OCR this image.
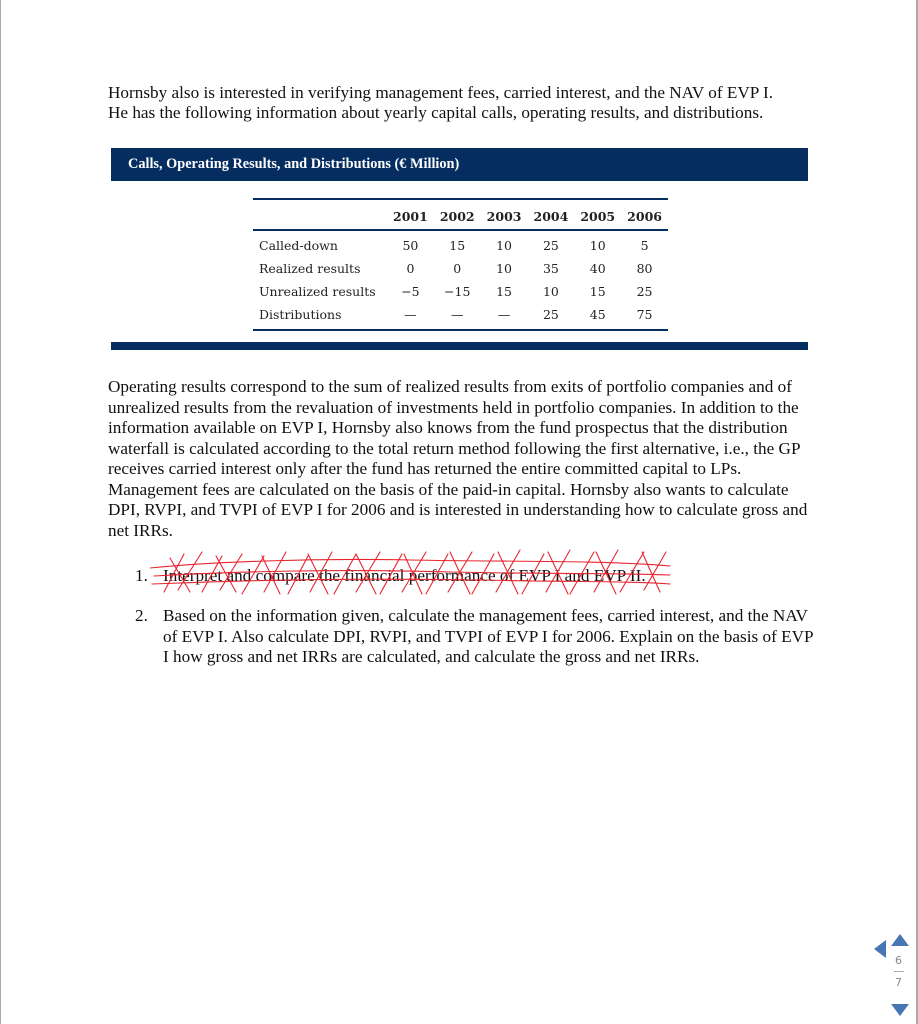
Hornsby also is interested in verifying management fees, carried interest, and the NAV of EVP I.

He has the following information about yearly capital calls, operating results, and distributions.

Calls, Operating Results, and Distributions (€ Million)
	2001	2002	2003	2004	2005	2006
Called-down	50	15	10	25	10	5
Realized results	0	0	10	35	40	80
Unrealized results	−5	−15	15	10	15	25
Distributions	—	—	—	25	45	75

Operating results correspond to the sum of realized results from exits of portfolio companies and of unrealized results from the revaluation of investments held in portfolio companies. In addition to the information available on EVP I, Hornsby also knows from the fund prospectus that the distribution waterfall is calculated according to the total return method following the first alternative, i.e., the GP receives carried interest only after the fund has returned the entire committed capital to LPs. Management fees are calculated on the basis of the paid-in capital. Hornsby also wants to calculate DPI, RVPI, and TVPI of EVP I for 2006 and is interested in understanding how to calculate gross and net IRRs.

1. Interpret and compare the financial performance of EVP I and EVP II.
2. Based on the information given, calculate the management fees, carried interest, and the NAV of EVP I. Also calculate DPI, RVPI, and TVPI of EVP I for 2006. Explain on the basis of EVP I how gross and net IRRs are calculated, and calculate the gross and net IRRs.
6
7
